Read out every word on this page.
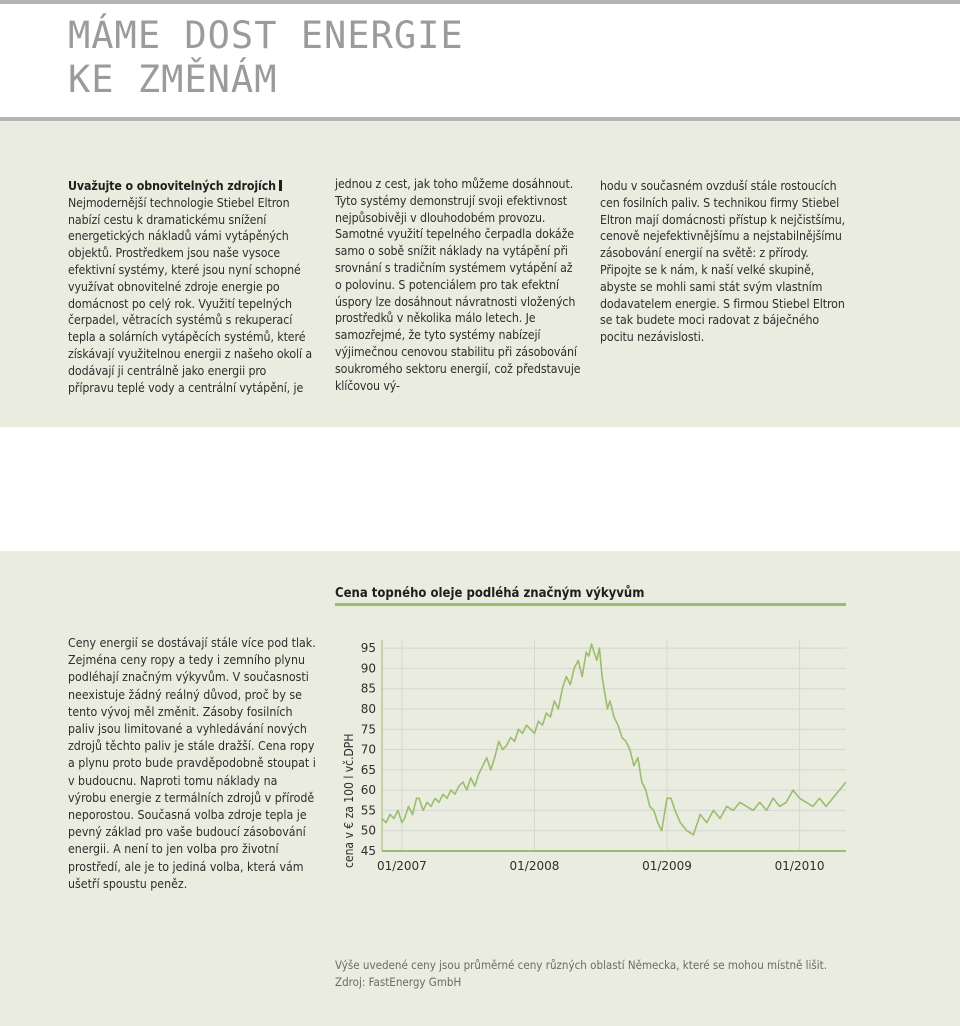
MÁME DOST ENERGIE
KE ZMĚNÁM
Uvažujte o obnovitelných zdrojíchNejmodernější technologie Stiebel Eltron nabízí cestu k dramatickému snížení energetických nákladů vámi vytápěných objektů. Prostředkem jsou naše vysoce efektivní systémy, které jsou nyní schopné využívat obnovitelné zdroje energie po domácnost po celý rok. Využití tepelných čerpadel, větracích systémů s rekuperací tepla a solárních vytápěcích systémů, které získávají využitelnou energii z našeho okolí a dodávají ji centrálně jako energii pro přípravu teplé vody a centrální vytápění, je
jednou z cest, jak toho můžeme dosáhnout. Tyto systémy demonstrují svoji efektivnost nejpůsobivěji v dlouhodobém provozu. Samotné využití tepelného čerpadla dokáže samo o sobě snížit náklady na vytápění při srovnání s tradičním systémem vytápění až o polovinu. S potenciálem pro tak efektní úspory lze dosáhnout návratnosti vložených prostředků v několika málo letech. Je samozřejmé, že tyto systémy nabízejí výjimečnou cenovou stabilitu při zásobování soukromého sektoru energií, což představuje klíčovou vý-
hodu v současném ovzduší stále rostoucích cen fosilních paliv. S technikou firmy Stiebel Eltron mají domácnosti přístup k nejčistšímu, cenově nejefektivnějšímu a nejstabilnějšímu zásobování energií na světě: z přírody. Připojte se k nám, k naší velké skupině, abyste se mohli sami stát svým vlastním dodavatelem energie. S firmou Stiebel Eltron se tak budete moci radovat z báječného pocitu nezávislosti.
Cena topného oleje podléhá značným výkyvům
Ceny energií se dostávají stále více pod tlak. Zejména ceny ropy a tedy i zemního plynu podléhají značným výkyvům. V současnosti neexistuje žádný reálný důvod, proč by se tento vývoj měl změnit. Zásoby fosilních paliv jsou limitované a vyhledávání nových zdrojů těchto paliv je stále dražší. Cena ropy a plynu proto bude pravděpodobně stoupat i v budoucnu. Naproti tomu náklady na výrobu energie z termálních zdrojů v přírodě neporostou. Současná volba zdroje tepla je pevný základ pro vaše budoucí zásobování energii. A není to jen volba pro životní prostředí, ale je to jediná volba, která vám ušetří spoustu peněz.
cena v € za 100 l vč.DPH 45
50
55
60
65
70
75
80
85
90
95
01/2007	01/2008	01/2009	01/2010
Výše uvedené ceny jsou průměrné ceny různých oblastí Německa, které se mohou místně lišit.
Zdroj: FastEnergy GmbH
